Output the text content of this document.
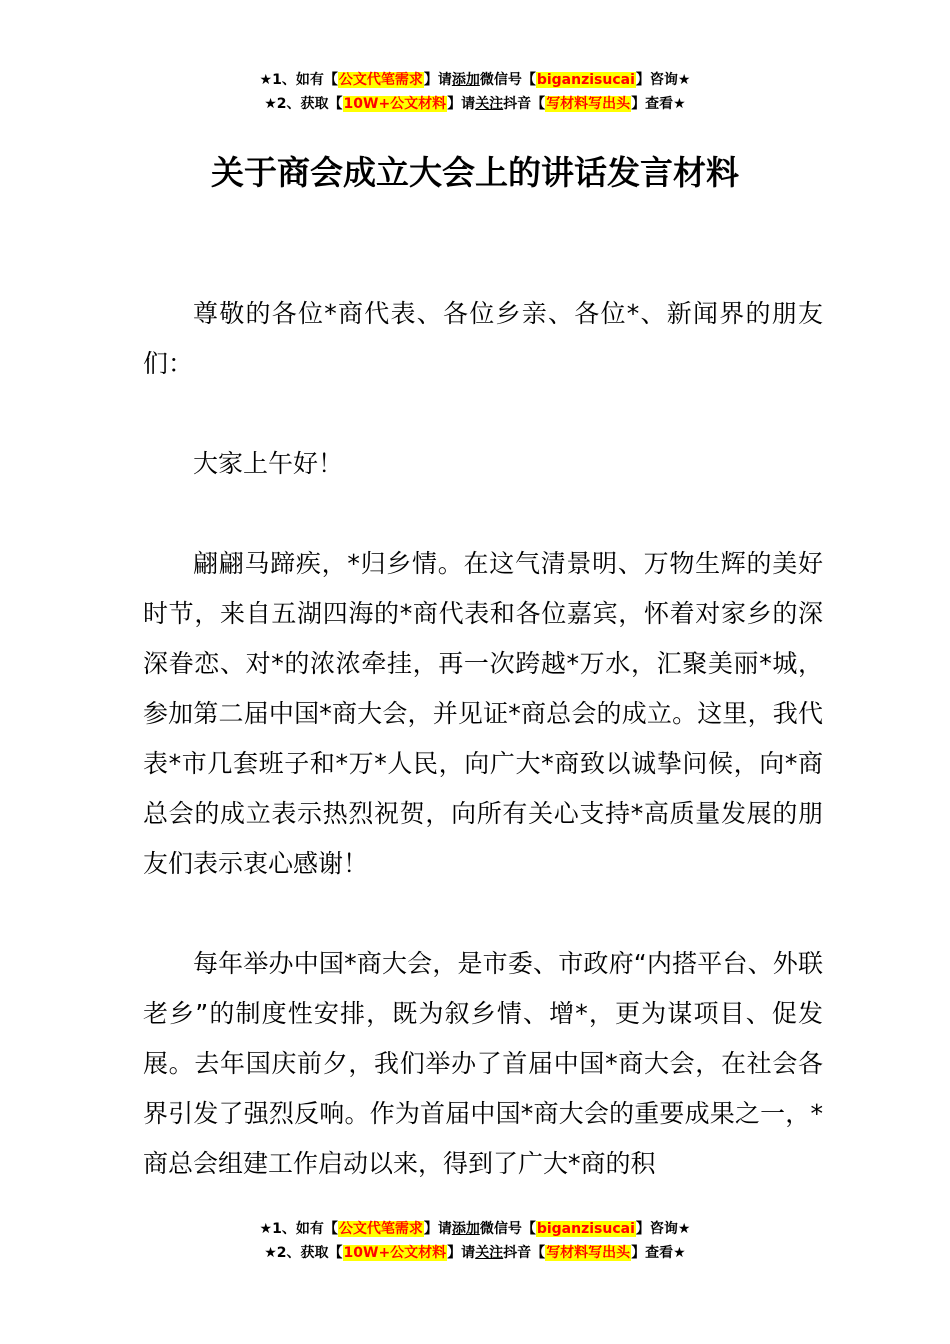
★1、如有【公文代笔需求】请添加微信号【biganzisucai】咨询★
★2、获取【10W+公文材料】请关注抖音【写材料写出头】查看★
关于商会成立大会上的讲话发言材料

尊敬的各位*商代表、各位乡亲、各位*、新闻界的朋友们：

大家上午好！

翩翩马蹄疾，*归乡情。在这气清景明、万物生辉的美好时节，来自五湖四海的*商代表和各位嘉宾，怀着对家乡的深深眷恋、对*的浓浓牵挂，再一次跨越*万水，汇聚美丽*城，参加第二届中国*商大会，并见证*商总会的成立。这里，我代表*市几套班子和*万*人民，向广大*商致以诚挚问候，向*商总会的成立表示热烈祝贺，向所有关心支持*高质量发展的朋友们表示衷心感谢！

每年举办中国*商大会，是市委、市政府“内搭平台、外联老乡”的制度性安排，既为叙乡情、增*，更为谋项目、促发展。去年国庆前夕，我们举办了首届中国*商大会，在社会各界引发了强烈反响。作为首届中国*商大会的重要成果之一，*商总会组建工作启动以来，得到了广大*商的积

★1、如有【公文代笔需求】请添加微信号【biganzisucai】咨询★
★2、获取【10W+公文材料】请关注抖音【写材料写出头】查看★
